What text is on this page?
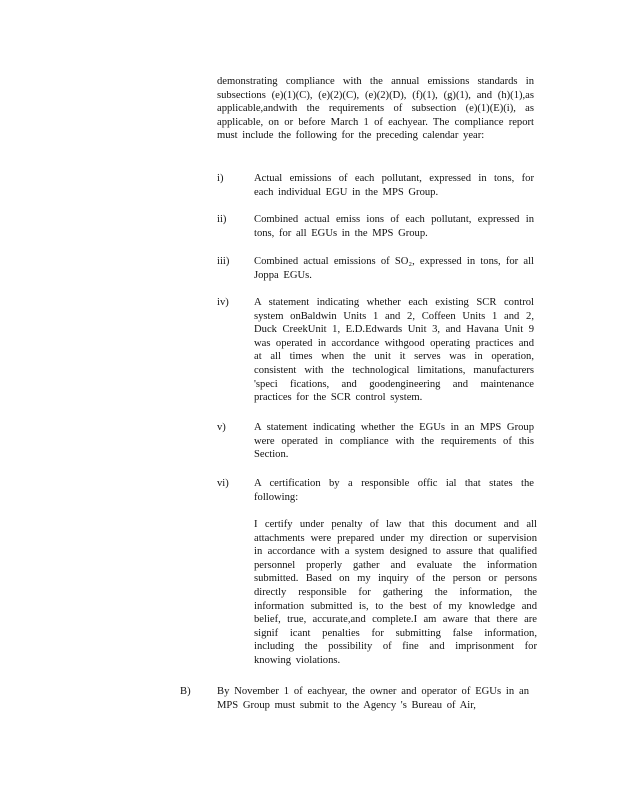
demonstrating compliance with the annual emissions standards in subsections (e)(1)(C), (e)(2)(C), (e)(2)(D), (f)(1), (g)(1), and (h)(1),as applicable,andwith the requirements of subsection (e)(1)(E)(i), as applicable, on or before March 1 of eachyear. The compliance report must include the following for the preceding calendar year:

i)	Actual emissions of each pollutant, expressed in tons, for each individual EGU in the MPS Group.

ii)	Combined actual emiss ions of each pollutant, expressed in tons, for all EGUs in the MPS Group.

iii) Combined actual emissions of SO₂, expressed in tons, for all Joppa EGUs.

iv) A statement indicating whether each existing SCR control system onBaldwin Units 1 and 2, Coffeen Units 1 and 2, Duck CreekUnit 1, E.D.Edwards Unit 3, and Havana Unit 9 was operated in accordance withgood operating practices and at all times when the unit it serves was in operation, consistent with the technological limitations, manufacturers 'speci fications, and goodengineering and maintenance practices for the SCR control system.

v)	A statement indicating whether the EGUs in an MPS Group were operated in compliance with the requirements of this Section.

vi) A certification by a responsible offic ial that states the following:

I certify under penalty of law that this document and all attachments were prepared under my direction or supervision in accordance with a system designed to assure that qualified personnel properly gather and evaluate the information submitted. Based on my inquiry of the person or persons directly responsible for gathering the information, the information submitted is, to the best of my knowledge and belief, true, accurate,and complete.I am aware that there are signif icant penalties for submitting false information, including the possibility of fine and imprisonment for knowing violations.

B) By November 1 of eachyear, the owner and operator of EGUs in an MPS Group must submit to the Agency 's Bureau of Air,
